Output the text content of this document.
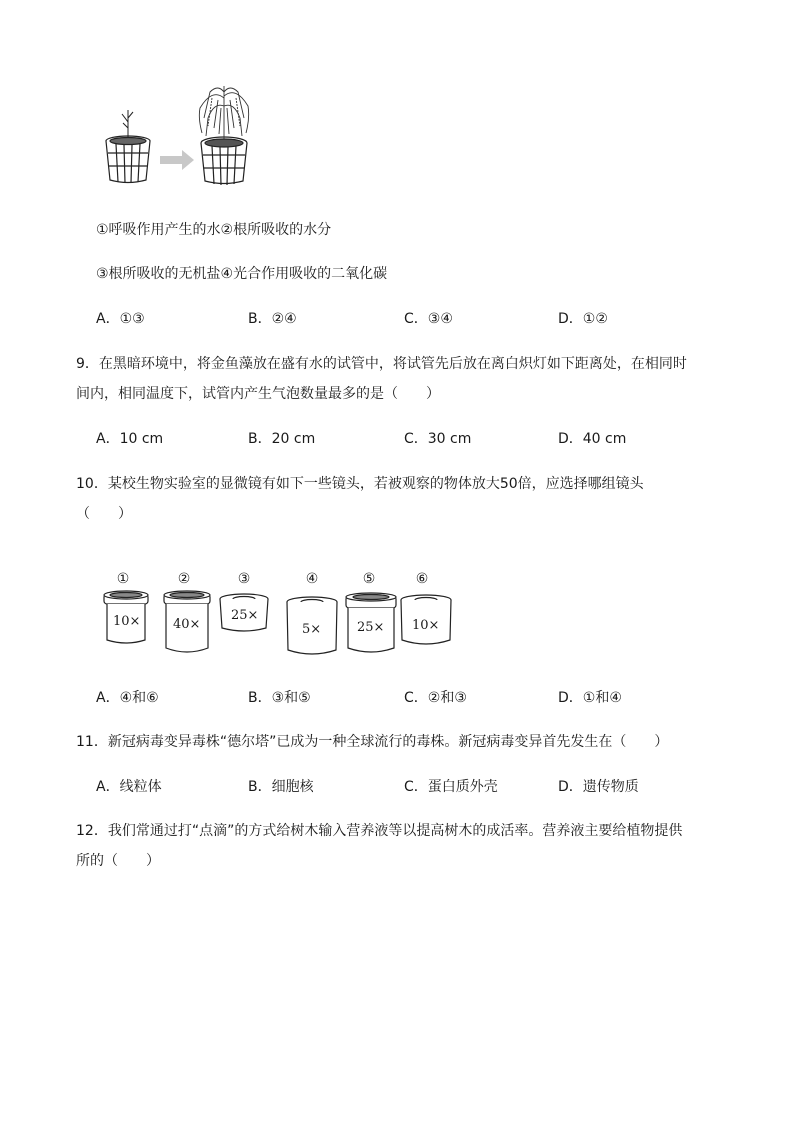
①呼吸作用产生的水②根所吸收的水分
③根所吸收的无机盐④光合作用吸收的二氧化碳
A．①③	B．②④	C．③④	D．①②
9．在黑暗环境中，将金鱼藻放在盛有水的试管中，将试管先后放在离白炽灯如下距离处，在相同时
间内，相同温度下，试管内产生气泡数量最多的是（　　）
A．10 cm	B．20 cm	C．30 cm	D．40 cm
10．某校生物实验室的显微镜有如下一些镜头，若被观察的物体放大50倍，应选择哪组镜头
（　　）
①	②	③	④	⑤	⑥
10×	40×
25×
5×	25× 10×
A．④和⑥	B．③和⑤	C．②和③	D．①和④
11．新冠病毒变异毒株“德尔塔”已成为一种全球流行的毒株。新冠病毒变异首先发生在（　　）
A．线粒体	B．细胞核	C．蛋白质外壳	D．遗传物质
12．我们常通过打“点滴”的方式给树木输入营养液等以提高树木的成活率。营养液主要给植物提供
所的（　　）
